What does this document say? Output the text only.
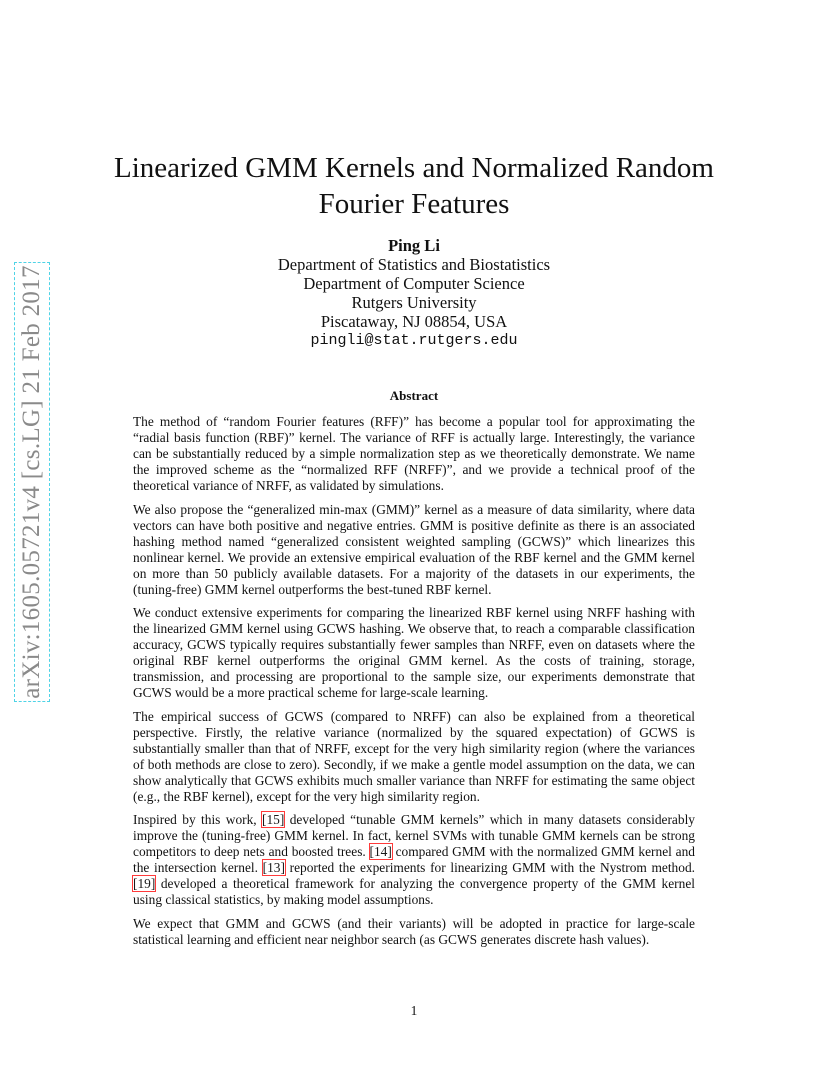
arXiv:1605.05721v4 [cs.LG] 21 Feb 2017
Linearized GMM Kernels and Normalized Random Fourier Features
Ping Li
Department of Statistics and Biostatistics
Department of Computer Science
Rutgers University
Piscataway, NJ 08854, USA
pingli@stat.rutgers.edu
Abstract

The method of “random Fourier features (RFF)” has become a popular tool for approximating the “radial basis function (RBF)” kernel. The variance of RFF is actually large. Interestingly, the variance can be substantially reduced by a simple normalization step as we theoretically demonstrate. We name the improved scheme as the “normalized RFF (NRFF)”, and we provide a technical proof of the theoretical variance of NRFF, as validated by simulations.

We also propose the “generalized min-max (GMM)” kernel as a measure of data similarity, where data vectors can have both positive and negative entries. GMM is positive definite as there is an associated hashing method named “generalized consistent weighted sampling (GCWS)” which linearizes this nonlinear kernel. We provide an extensive empirical evaluation of the RBF kernel and the GMM kernel on more than 50 publicly available datasets. For a majority of the datasets in our experiments, the (tuning-free) GMM kernel outperforms the best-tuned RBF kernel.

We conduct extensive experiments for comparing the linearized RBF kernel using NRFF hashing with the linearized GMM kernel using GCWS hashing. We observe that, to reach a comparable classification accuracy, GCWS typically requires substantially fewer samples than NRFF, even on datasets where the original RBF kernel outperforms the original GMM kernel. As the costs of training, storage, transmission, and processing are proportional to the sample size, our experiments demonstrate that GCWS would be a more practical scheme for large-scale learning.

The empirical success of GCWS (compared to NRFF) can also be explained from a theoretical perspective. Firstly, the relative variance (normalized by the squared expectation) of GCWS is substantially smaller than that of NRFF, except for the very high similarity region (where the variances of both methods are close to zero). Secondly, if we make a gentle model assumption on the data, we can show analytically that GCWS exhibits much smaller variance than NRFF for estimating the same object (e.g., the RBF kernel), except for the very high similarity region.

Inspired by this work, [15] developed “tunable GMM kernels” which in many datasets considerably improve the (tuning-free) GMM kernel. In fact, kernel SVMs with tunable GMM kernels can be strong competitors to deep nets and boosted trees. [14] compared GMM with the normalized GMM kernel and the intersection kernel. [13] reported the experiments for linearizing GMM with the Nystrom method. [19] developed a theoretical framework for analyzing the convergence property of the GMM kernel using classical statistics, by making model assumptions.

We expect that GMM and GCWS (and their variants) will be adopted in practice for large-scale statistical learning and efficient near neighbor search (as GCWS generates discrete hash values).

1
